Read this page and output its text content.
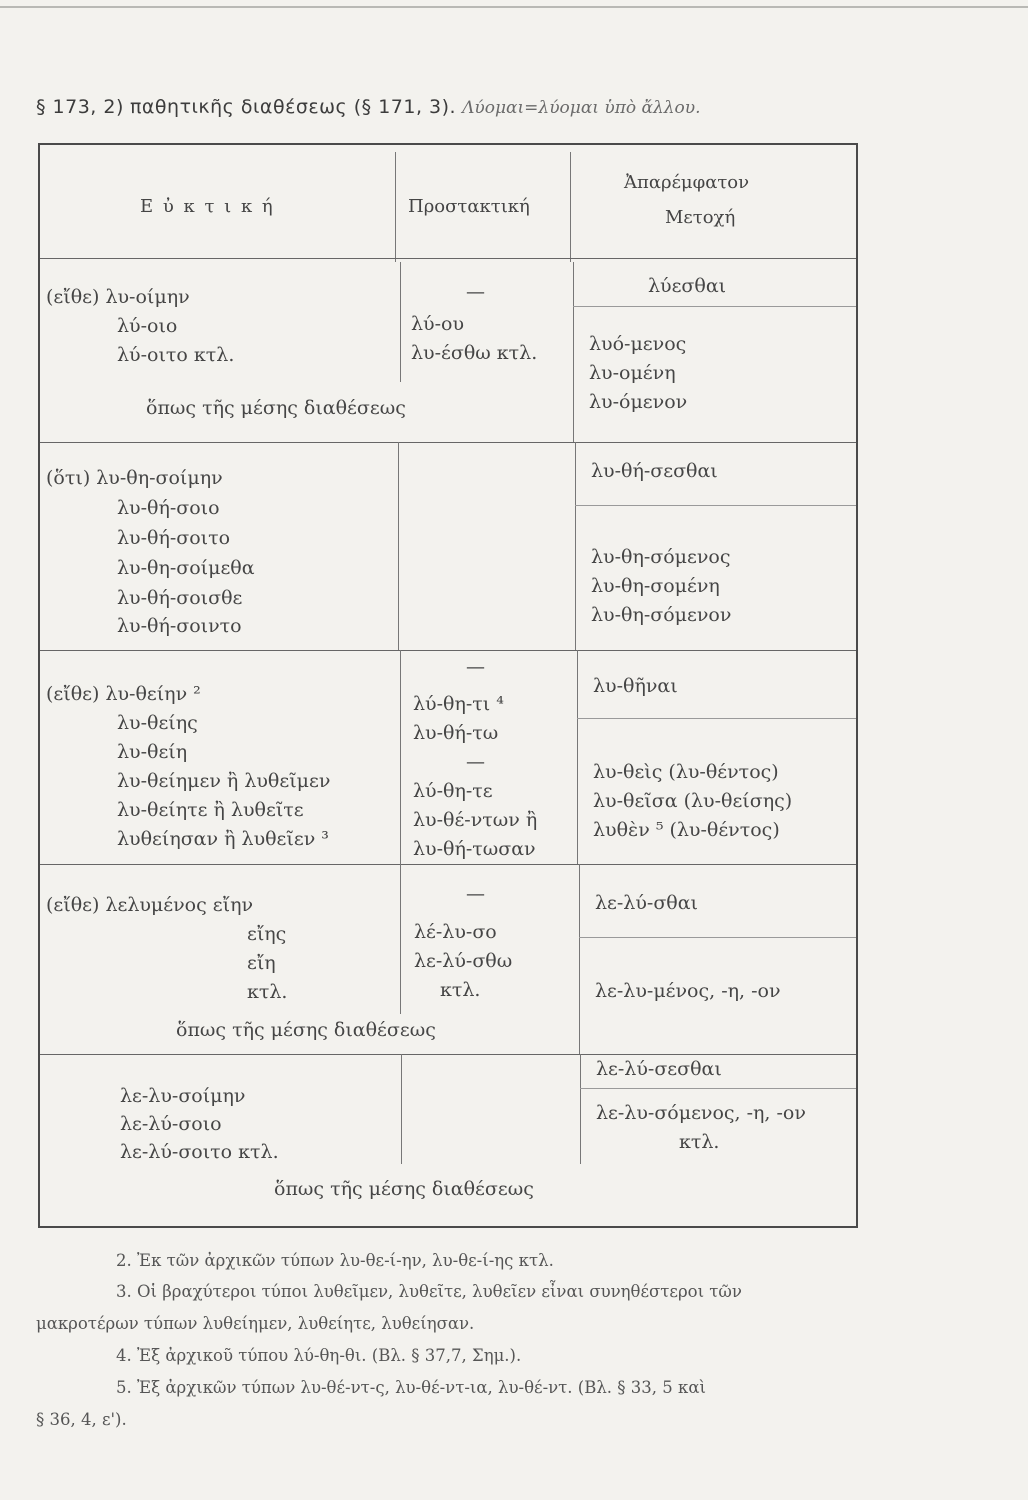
§ 173, 2) παθητικῆς διαθέσεως (§ 171, 3). Λύομαι=λύομαι ὑπὸ ἄλλου.
Ε ὐ κ τ ι κ ή	Προστακτική
Ἀπαρέμφατον
Μετοχή
(εἴθε) λυ-οίμην
λύ-οιο
λύ-οιτο κτλ.
—
λύ-ου
λυ-έσθω κτλ.
λύεσθαι
λυό-μενος
λυ-ομένη
λυ-όμενον
ὅπως τῆς μέσης διαθέσεως
(ὅτι) λυ-θη-σοίμην
λυ-θή-σοιο
λυ-θή-σοιτο
λυ-θη-σοίμεθα
λυ-θή-σοισθε
λυ-θή-σοιντο
λυ-θή-σεσθαι
λυ-θη-σόμενος
λυ-θη-σομένη
λυ-θη-σόμενον
(εἴθε) λυ-θείην ²
λυ-θείης
λυ-θείη
λυ-θείημεν ἢ λυθεῖμεν
λυ-θείητε ἢ λυθεῖτε
λυθείησαν ἢ λυθεῖεν ³
—
λύ-θη-τι ⁴
λυ-θή-τω
—
λύ-θη-τε
λυ-θέ-ντων ἢ
λυ-θή-τωσαν
λυ-θῆναι
λυ-θεὶς (λυ-θέντος)
λυ-θεῖσα (λυ-θείσης)
λυθὲν ⁵ (λυ-θέντος)
(εἴθε) λελυμένος εἴην
εἴης
εἴη
κτλ.
—
λέ-λυ-σο
λε-λύ-σθω
κτλ.
λε-λύ-σθαι
λε-λυ-μένος, -η, -ον
ὅπως τῆς μέσης διαθέσεως
λε-λυ-σοίμην
λε-λύ-σοιο
λε-λύ-σοιτο κτλ.
λε-λύ-σεσθαι
λε-λυ-σόμενος, -η, -ον
κτλ.
ὅπως τῆς μέσης διαθέσεως
2. Ἐκ τῶν ἀρχικῶν τύπων λυ-θε-ί-ην, λυ-θε-ί-ης κτλ.
3. Οἱ βραχύτεροι τύποι λυθεῖμεν, λυθεῖτε, λυθεῖεν εἶναι συνηθέστεροι τῶν
μακροτέρων τύπων λυθείημεν, λυθείητε, λυθείησαν.
4. Ἐξ ἀρχικοῦ τύπου λύ-θη-θι. (Βλ. § 37,7, Σημ.).
5. Ἐξ ἀρχικῶν τύπων λυ-θέ-ντ-ς, λυ-θέ-ντ-ια, λυ-θέ-ντ. (Βλ. § 33, 5 καὶ
§ 36, 4, ε').
